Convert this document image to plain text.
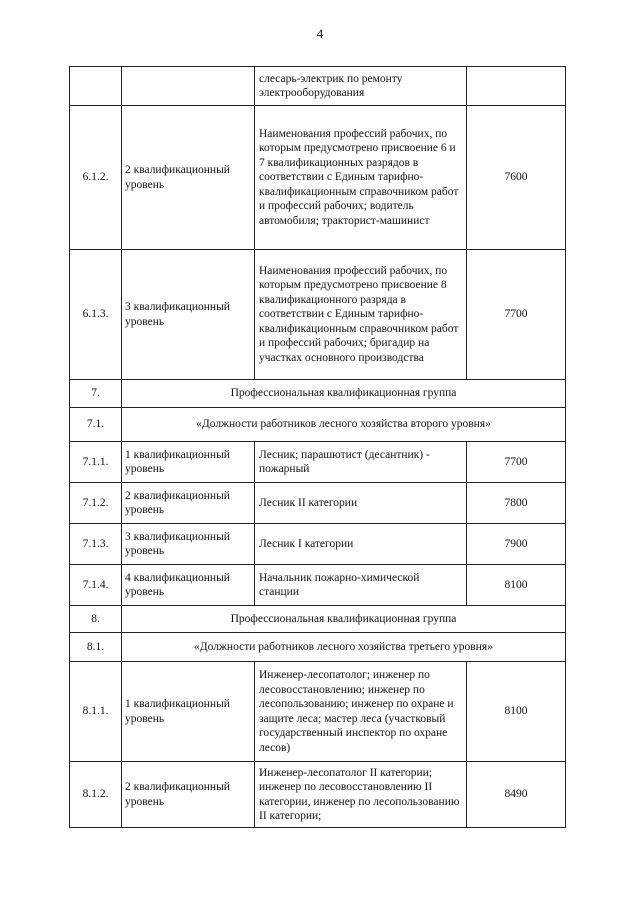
4
		слесарь-электрик по ремонту электрооборудования	
6.1.2.	2 квалификационный уровень	Наименования профессий рабочих, по которым предусмотрено присвоение 6 и 7 квалификационных разрядов в соответствии с Единым тарифно-квалификационным справочником работ и профессий рабочих; водитель автомобиля; тракторист-машинист	7600
6.1.3.	3 квалификационный уровень	Наименования профессий рабочих, по которым предусмотрено присвоение 8 квалификационного разряда в соответствии с Единым тарифно-квалификационным справочником работ и профессий рабочих; бригадир на участках основного производства	7700
7.	Профессиональная квалификационная группа		
7.1.	«Должности работников лесного хозяйства второго уровня»		
7.1.1.	1 квалификационный уровень	Лесник; парашютист (десантник) - пожарный	7700
7.1.2.	2 квалификационный уровень	Лесник II категории	7800
7.1.3.	3 квалификационный уровень	Лесник I категории	7900
7.1.4.	4 квалификационный уровень	Начальник пожарно-химической станции	8100
8.	Профессиональная квалификационная группа		
8.1.	«Должности работников лесного хозяйства третьего уровня»		
8.1.1.	1 квалификационный уровень	Инженер-лесопатолог; инженер по лесовосстановлению; инженер по лесопользованию; инженер по охране и защите леса; мастер леса (участковый государственный инспектор по охране лесов)	8100
8.1.2.	2 квалификационный уровень	Инженер-лесопатолог II категории; инженер по лесовосстановлению II категории, инженер по лесопользованию II категории;	8490
